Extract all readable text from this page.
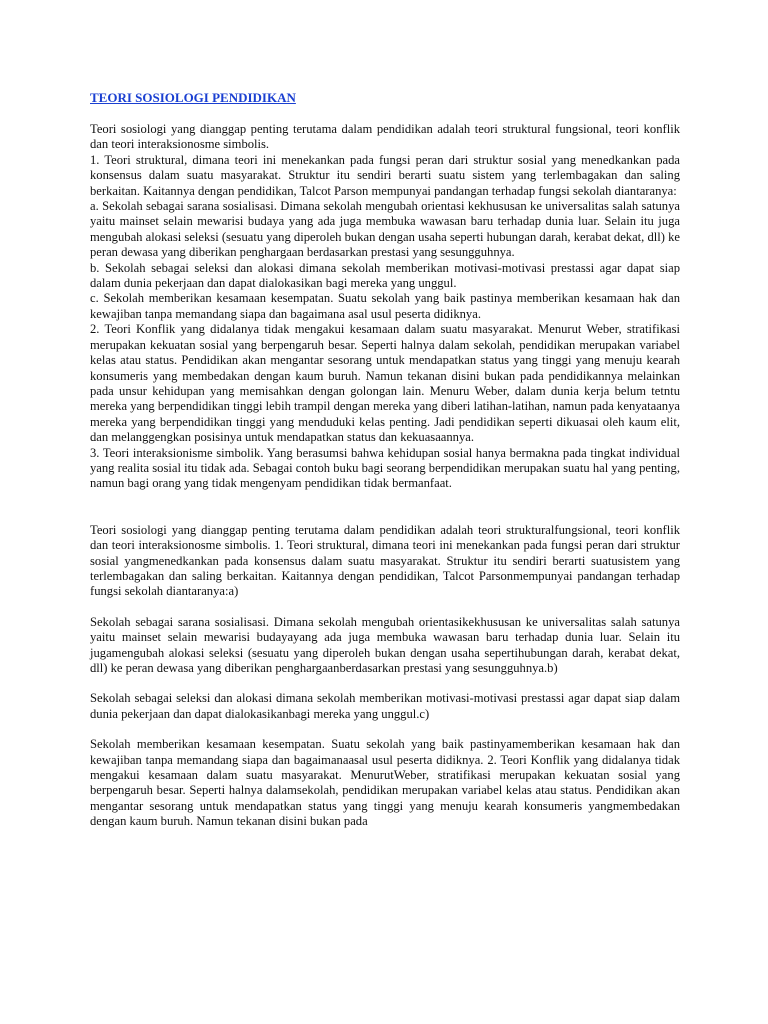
TEORI SOSIOLOGI PENDIDIKAN
Teori sosiologi yang dianggap penting terutama dalam pendidikan adalah teori struktural fungsional, teori konflik dan teori interaksionosme simbolis.
1. Teori struktural, dimana teori ini menekankan pada fungsi peran dari struktur sosial yang menedkankan pada konsensus dalam suatu masyarakat. Struktur itu sendiri berarti suatu sistem yang terlembagakan dan saling berkaitan. Kaitannya dengan pendidikan, Talcot Parson mempunyai pandangan terhadap fungsi sekolah diantaranya:
a. Sekolah sebagai sarana sosialisasi. Dimana sekolah mengubah orientasi kekhususan ke universalitas salah satunya yaitu mainset selain mewarisi budaya yang ada juga membuka wawasan baru terhadap dunia luar. Selain itu juga mengubah alokasi seleksi (sesuatu yang diperoleh bukan dengan usaha seperti hubungan darah, kerabat dekat, dll) ke peran dewasa yang diberikan penghargaan berdasarkan prestasi yang sesungguhnya.
b. Sekolah sebagai seleksi dan alokasi dimana sekolah memberikan motivasi-motivasi prestassi agar dapat siap dalam dunia pekerjaan dan dapat dialokasikan bagi mereka yang unggul.
c. Sekolah memberikan kesamaan kesempatan. Suatu sekolah yang baik pastinya memberikan kesamaan hak dan kewajiban tanpa memandang siapa dan bagaimana asal usul peserta didiknya.
2. Teori Konflik yang didalanya tidak mengakui kesamaan dalam suatu masyarakat. Menurut Weber, stratifikasi merupakan kekuatan sosial yang berpengaruh besar. Seperti halnya dalam sekolah, pendidikan merupakan variabel kelas atau status. Pendidikan akan mengantar sesorang untuk mendapatkan status yang tinggi yang menuju kearah konsumeris yang membedakan dengan kaum buruh. Namun tekanan disini bukan pada pendidikannya melainkan pada unsur kehidupan yang memisahkan dengan golongan lain. Menuru Weber, dalam dunia kerja belum tetntu mereka yang berpendidikan tinggi lebih trampil dengan mereka yang diberi latihan-latihan, namun pada kenyataanya mereka yang berpendidikan tinggi yang menduduki kelas penting. Jadi pendidikan seperti dikuasai oleh kaum elit, dan melanggengkan posisinya untuk mendapatkan status dan kekuasaannya.
3. Teori interaksionisme simbolik. Yang berasumsi bahwa kehidupan sosial hanya bermakna pada tingkat individual yang realita sosial itu tidak ada. Sebagai contoh buku bagi seorang berpendidikan merupakan suatu hal yang penting, namun bagi orang yang tidak mengenyam pendidikan tidak bermanfaat.
Teori sosiologi yang dianggap penting terutama dalam pendidikan adalah teori strukturalfungsional, teori konflik dan teori interaksionosme simbolis. 1. Teori struktural, dimana teori ini menekankan pada fungsi peran dari struktur sosial yangmenedkankan pada konsensus dalam suatu masyarakat. Struktur itu sendiri berarti suatusistem yang terlembagakan dan saling berkaitan. Kaitannya dengan pendidikan, Talcot Parsonmempunyai pandangan terhadap fungsi sekolah diantaranya:a)
Sekolah sebagai sarana sosialisasi. Dimana sekolah mengubah orientasikekhususan ke universalitas salah satunya yaitu mainset selain mewarisi budayayang ada juga membuka wawasan baru terhadap dunia luar. Selain itu jugamengubah alokasi seleksi (sesuatu yang diperoleh bukan dengan usaha sepertihubungan darah, kerabat dekat, dll) ke peran dewasa yang diberikan penghargaanberdasarkan prestasi yang sesungguhnya.b)
Sekolah sebagai seleksi dan alokasi dimana sekolah memberikan motivasi-motivasi prestassi agar dapat siap dalam dunia pekerjaan dan dapat dialokasikanbagi mereka yang unggul.c)
Sekolah memberikan kesamaan kesempatan. Suatu sekolah yang baik pastinyamemberikan kesamaan hak dan kewajiban tanpa memandang siapa dan bagaimanaasal usul peserta didiknya. 2. Teori Konflik yang didalanya tidak mengakui kesamaan dalam suatu masyarakat. MenurutWeber, stratifikasi merupakan kekuatan sosial yang berpengaruh besar. Seperti halnya dalamsekolah, pendidikan merupakan variabel kelas atau status. Pendidikan akan mengantar sesorang untuk mendapatkan status yang tinggi yang menuju kearah konsumeris yangmembedakan dengan kaum buruh. Namun tekanan disini bukan pada
